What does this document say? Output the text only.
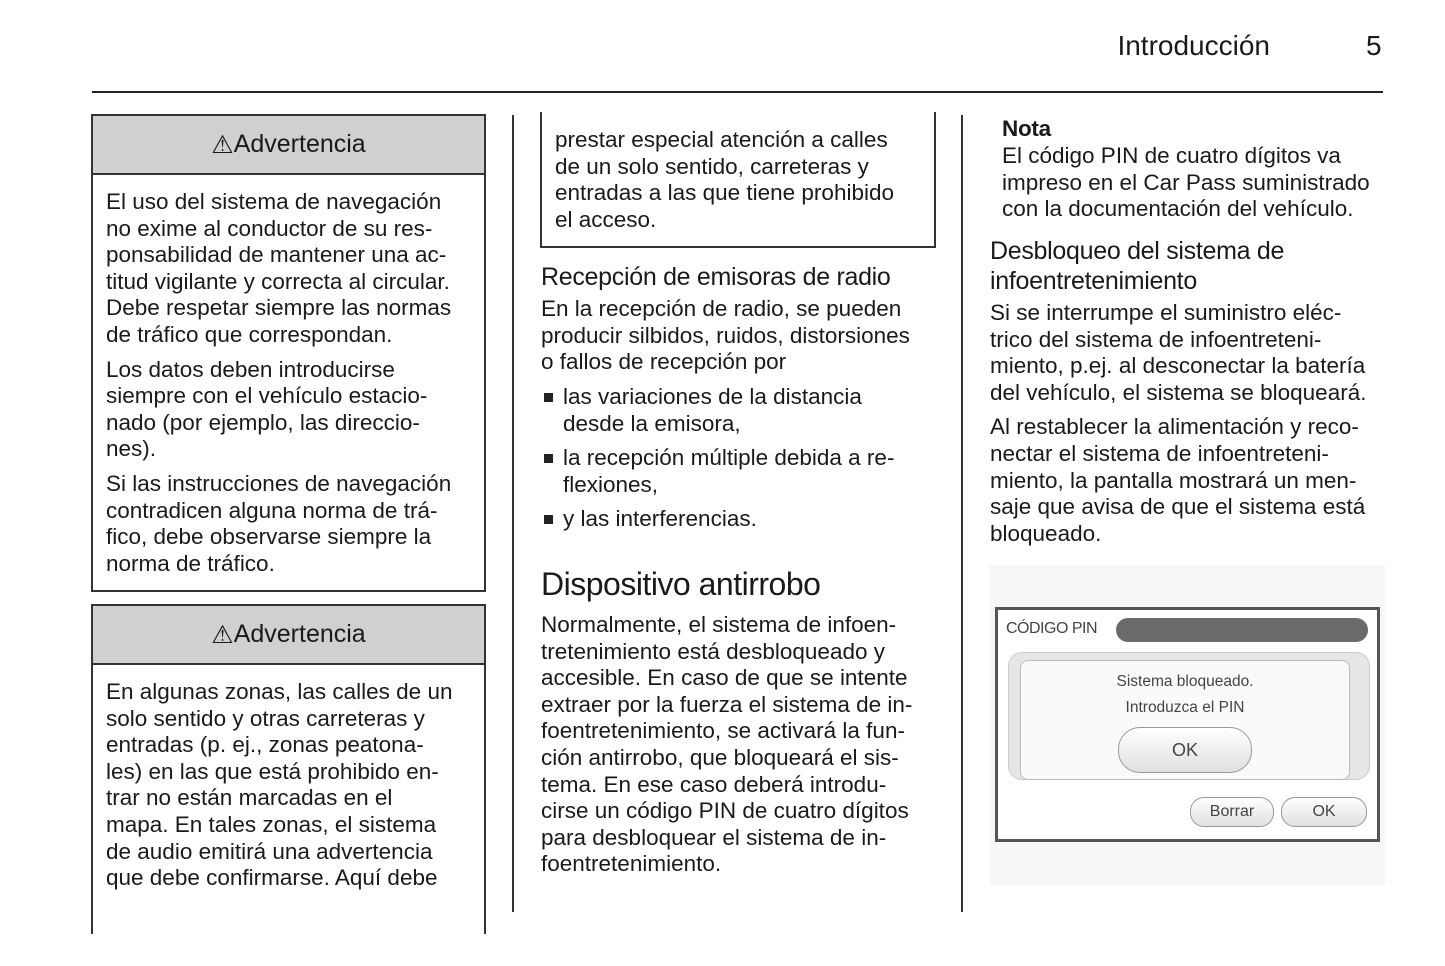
Introducción	5
⚠ Advertencia
El uso del sistema de navegación
no exime al conductor de su res-
ponsabilidad de mantener una ac-
titud vigilante y correcta al circular.
Debe respetar siempre las normas
de tráfico que correspondan.
Los datos deben introducirse
siempre con el vehículo estacio-
nado (por ejemplo, las direccio-
nes).
Si las instrucciones de navegación
contradicen alguna norma de trá-
fico, debe observarse siempre la
norma de tráfico.
⚠ Advertencia
En algunas zonas, las calles de un
solo sentido y otras carreteras y
entradas (p. ej., zonas peatona-
les) en las que está prohibido en-
trar no están marcadas en el
mapa. En tales zonas, el sistema
de audio emitirá una advertencia
que debe confirmarse. Aquí debe
prestar especial atención a calles
de un solo sentido, carreteras y
entradas a las que tiene prohibido
el acceso.
Recepción de emisoras de radio
En la recepción de radio, se pueden
producir silbidos, ruidos, distorsiones
o fallos de recepción por
las variaciones de la distancia
desde la emisora,
la recepción múltiple debida a re-
flexiones,
y las interferencias.
Dispositivo antirrobo
Normalmente, el sistema de infoen-
tretenimiento está desbloqueado y
accesible. En caso de que se intente
extraer por la fuerza el sistema de in-
foentretenimiento, se activará la fun-
ción antirrobo, que bloqueará el sis-
tema. En ese caso deberá introdu-
cirse un código PIN de cuatro dígitos
para desbloquear el sistema de in-
foentretenimiento.
Nota
El código PIN de cuatro dígitos va
impreso en el Car Pass suministrado
con la documentación del vehículo.
Desbloqueo del sistema de
infoentretenimiento
Si se interrumpe el suministro eléc-
trico del sistema de infoentreteni-
miento, p.ej. al desconectar la batería
del vehículo, el sistema se bloqueará.
Al restablecer la alimentación y reco-
nectar el sistema de infoentreteni-
miento, la pantalla mostrará un men-
saje que avisa de que el sistema está
bloqueado.
CÓDIGO PIN
Sistema bloqueado.
Introduzca el PIN
OK
Borrar	OK
